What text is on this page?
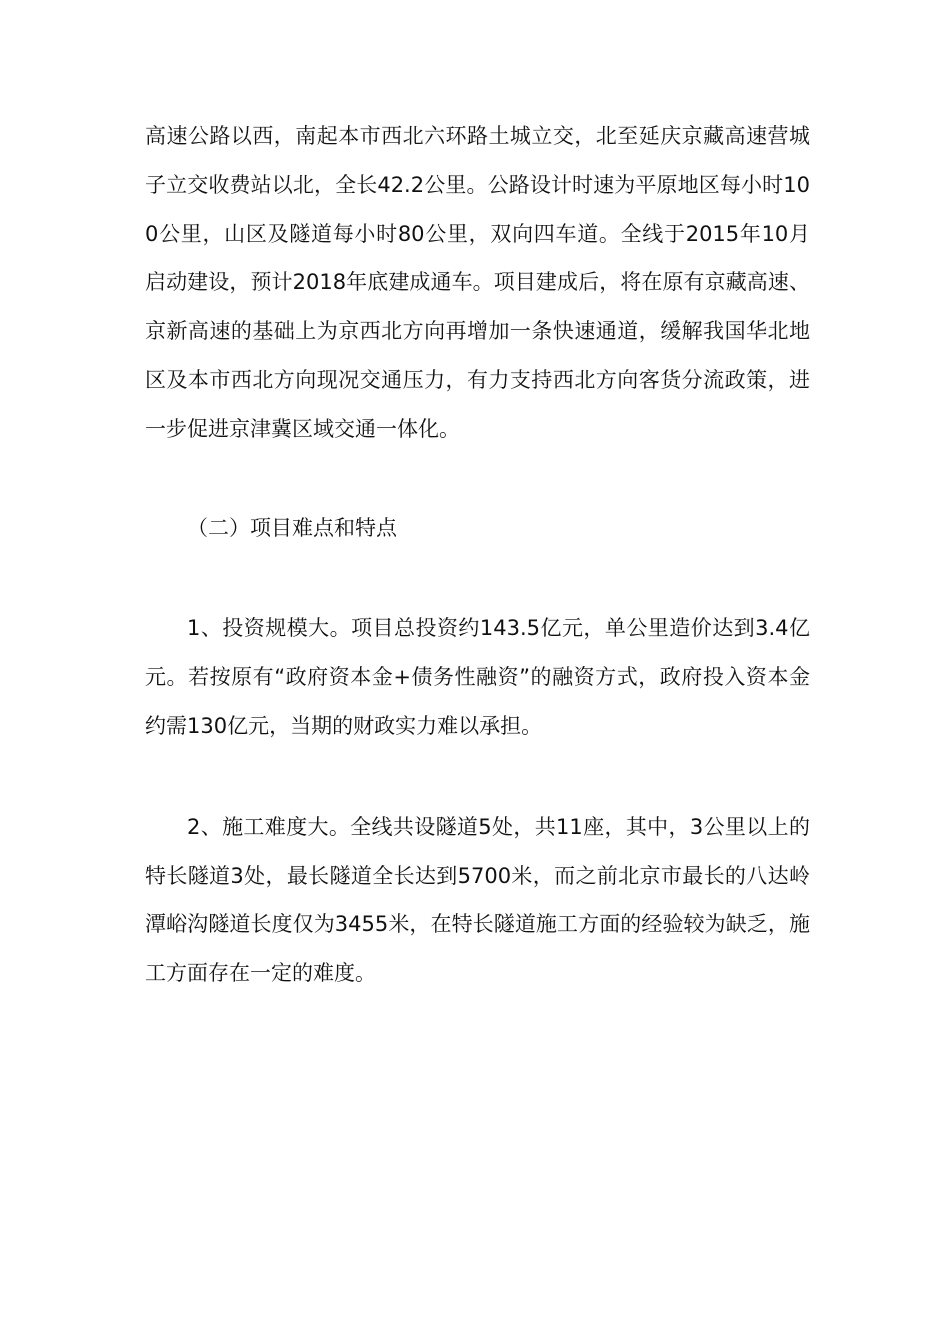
高速公路以西，南起本市西北六环路土城立交，北至延庆京藏高速营城子立交收费站以北，全长42.2公里。公路设计时速为平原地区每小时100公里，山区及隧道每小时80公里，双向四车道。全线于2015年10月启动建设，预计2018年底建成通车。项目建成后，将在原有京藏高速、京新高速的基础上为京西北方向再增加一条快速通道，缓解我国华北地区及本市西北方向现况交通压力，有力支持西北方向客货分流政策，进一步促进京津冀区域交通一体化。

（二）项目难点和特点

1、投资规模大。项目总投资约143.5亿元，单公里造价达到3.4亿元。若按原有“政府资本金+债务性融资”的融资方式，政府投入资本金约需130亿元，当期的财政实力难以承担。

2、施工难度大。全线共设隧道5处，共11座，其中，3公里以上的特长隧道3处，最长隧道全长达到5700米，而之前北京市最长的八达岭潭峪沟隧道长度仅为3455米，在特长隧道施工方面的经验较为缺乏，施工方面存在一定的难度。
